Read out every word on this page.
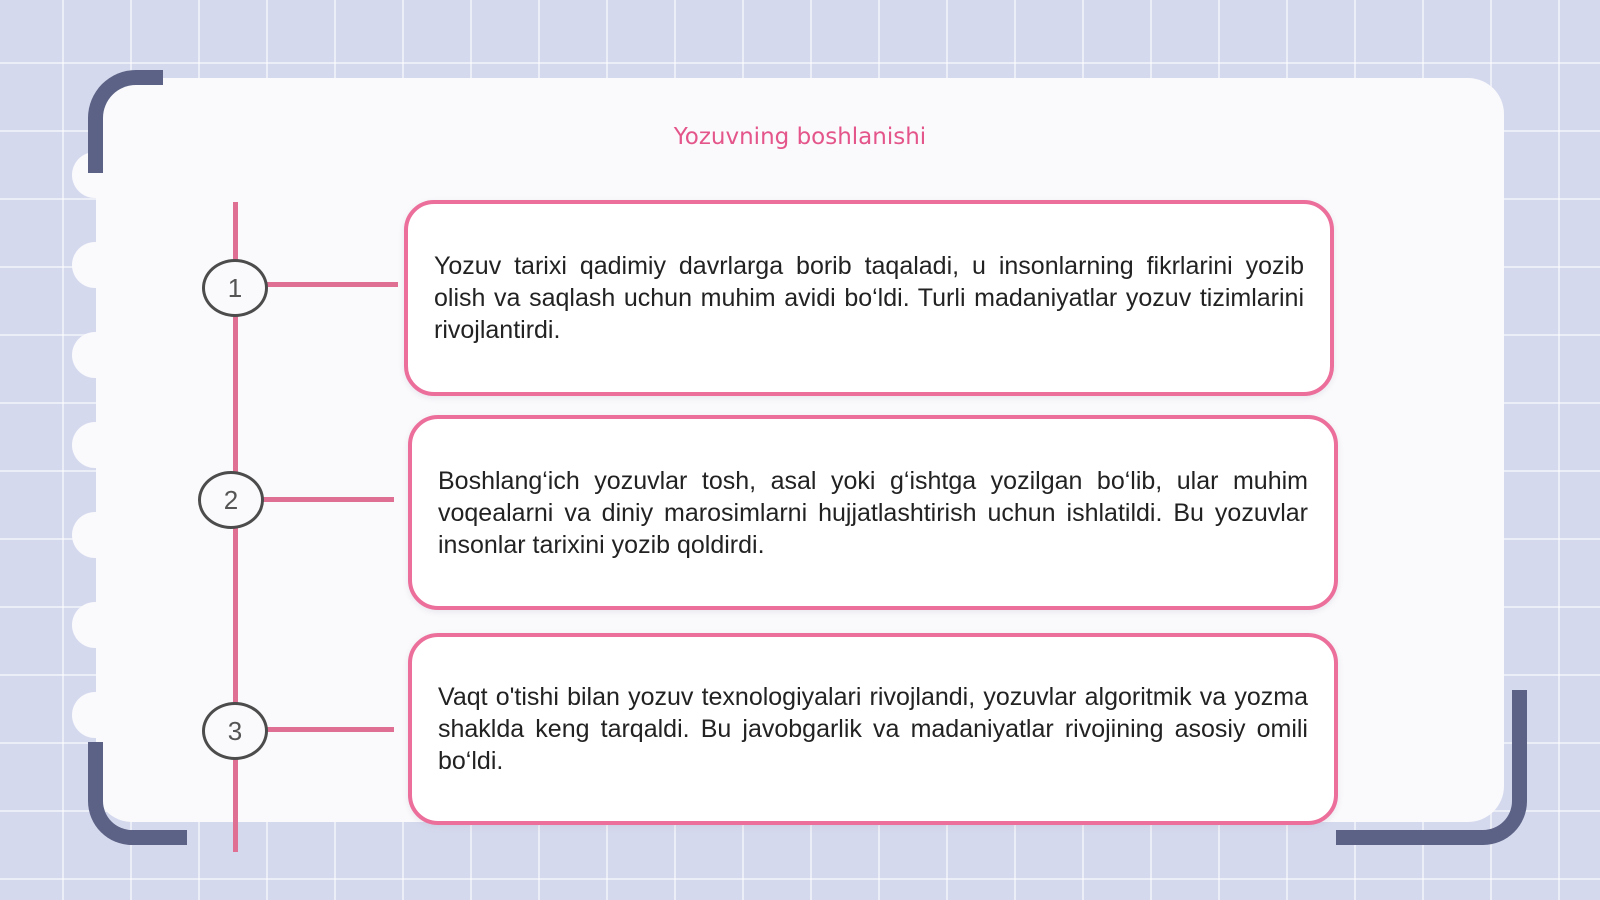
Yozuvning boshlanishi
1

Yozuv tarixi qadimiy davrlarga borib taqaladi, u insonlarning fikrlarini yozib olish va saqlash uchun muhim avidi bo‘ldi. Turli madaniyatlar yozuv tizimlarini rivojlantirdi.

2

Boshlang‘ich yozuvlar tosh, asal yoki g‘ishtga yozilgan bo‘lib, ular muhim voqealarni va diniy marosimlarni hujjatlashtirish uchun ishlatildi. Bu yozuvlar insonlar tarixini yozib qoldirdi.

3

Vaqt o'tishi bilan yozuv texnologiyalari rivojlandi, yozuvlar algoritmik va yozma shaklda keng tarqaldi. Bu javobgarlik va madaniyatlar rivojining asosiy omili bo‘ldi.
